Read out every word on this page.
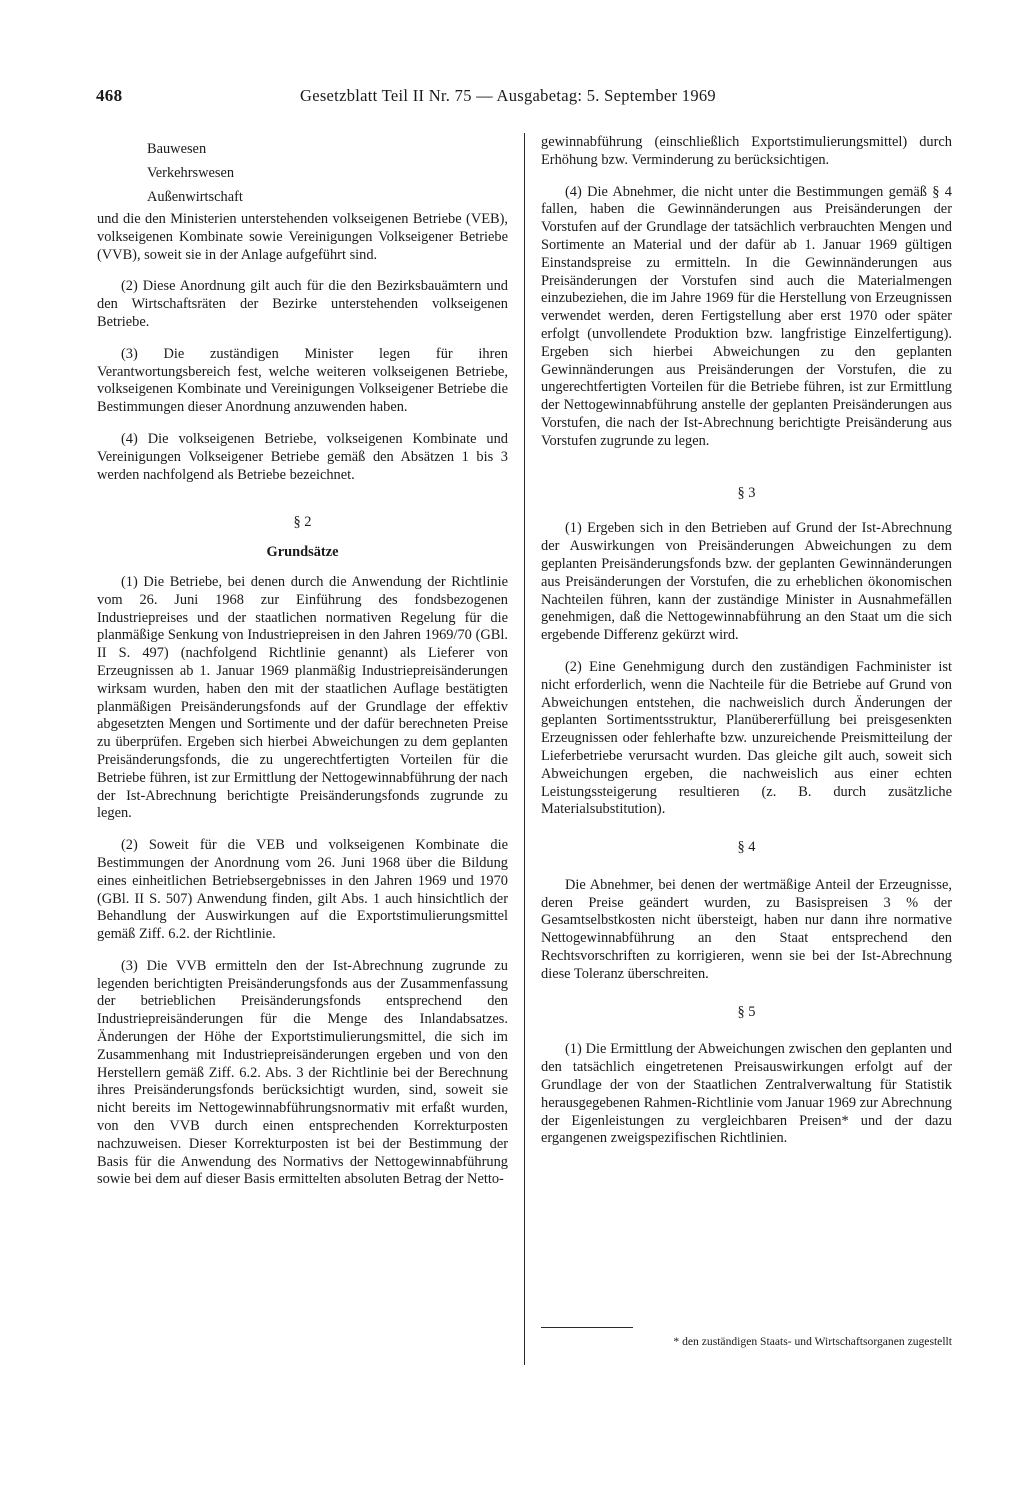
468	Gesetzblatt Teil II Nr. 75 — Ausgabetag: 5. September 1969
Bauwesen
Verkehrswesen
Außenwirtschaft

und die den Ministerien unterstehenden volkseigenen Betriebe (VEB), volkseigenen Kombinate sowie Vereinigungen Volkseigener Betriebe (VVB), soweit sie in der Anlage aufgeführt sind.

(2) Diese Anordnung gilt auch für die den Bezirksbauämtern und den Wirtschaftsräten der Bezirke unterstehenden volkseigenen Betriebe.

(3) Die zuständigen Minister legen für ihren Verantwortungsbereich fest, welche weiteren volkseigenen Betriebe, volkseigenen Kombinate und Vereinigungen Volkseigener Betriebe die Bestimmungen dieser Anordnung anzuwenden haben.

(4) Die volkseigenen Betriebe, volkseigenen Kombinate und Vereinigungen Volkseigener Betriebe gemäß den Absätzen 1 bis 3 werden nachfolgend als Betriebe bezeichnet.

§ 2
Grundsätze

(1) Die Betriebe, bei denen durch die Anwendung der Richtlinie vom 26. Juni 1968 zur Einführung des fondsbezogenen Industriepreises und der staatlichen normativen Regelung für die planmäßige Senkung von Industriepreisen in den Jahren 1969/70 (GBl. II S. 497) (nachfolgend Richtlinie genannt) als Lieferer von Erzeugnissen ab 1. Januar 1969 planmäßig Industriepreisänderungen wirksam wurden, haben den mit der staatlichen Auflage bestätigten planmäßigen Preisänderungsfonds auf der Grundlage der effektiv abgesetzten Mengen und Sortimente und der dafür berechneten Preise zu überprüfen. Ergeben sich hierbei Abweichungen zu dem geplanten Preisänderungsfonds, die zu ungerechtfertigten Vorteilen für die Betriebe führen, ist zur Ermittlung der Nettogewinnabführung der nach der Ist-Abrechnung berichtigte Preisänderungsfonds zugrunde zu legen.

(2) Soweit für die VEB und volkseigenen Kombinate die Bestimmungen der Anordnung vom 26. Juni 1968 über die Bildung eines einheitlichen Betriebsergebnisses in den Jahren 1969 und 1970 (GBl. II S. 507) Anwendung finden, gilt Abs. 1 auch hinsichtlich der Behandlung der Auswirkungen auf die Exportstimulierungsmittel gemäß Ziff. 6.2. der Richtlinie.

(3) Die VVB ermitteln den der Ist-Abrechnung zugrunde zu legenden berichtigten Preisänderungsfonds aus der Zusammenfassung der betrieblichen Preisänderungsfonds entsprechend den Industriepreisänderungen für die Menge des Inlandabsatzes. Änderungen der Höhe der Exportstimulierungsmittel, die sich im Zusammenhang mit Industriepreisänderungen ergeben und von den Herstellern gemäß Ziff. 6.2. Abs. 3 der Richtlinie bei der Berechnung ihres Preisänderungsfonds berücksichtigt wurden, sind, soweit sie nicht bereits im Nettogewinnabführungsnormativ mit erfaßt wurden, von den VVB durch einen entsprechenden Korrekturposten nachzuweisen. Dieser Korrekturposten ist bei der Bestimmung der Basis für die Anwendung des Normativs der Nettogewinnabführung sowie bei dem auf dieser Basis ermittelten absoluten Betrag der Netto-

gewinnabführung (einschließlich Exportstimulierungsmittel) durch Erhöhung bzw. Verminderung zu berücksichtigen.

(4) Die Abnehmer, die nicht unter die Bestimmungen gemäß § 4 fallen, haben die Gewinnänderungen aus Preisänderungen der Vorstufen auf der Grundlage der tatsächlich verbrauchten Mengen und Sortimente an Material und der dafür ab 1. Januar 1969 gültigen Einstandspreise zu ermitteln. In die Gewinnänderungen aus Preisänderungen der Vorstufen sind auch die Materialmengen einzubeziehen, die im Jahre 1969 für die Herstellung von Erzeugnissen verwendet werden, deren Fertigstellung aber erst 1970 oder später erfolgt (unvollendete Produktion bzw. langfristige Einzelfertigung). Ergeben sich hierbei Abweichungen zu den geplanten Gewinnänderungen aus Preisänderungen der Vorstufen, die zu ungerechtfertigten Vorteilen für die Betriebe führen, ist zur Ermittlung der Nettogewinnabführung anstelle der geplanten Preisänderungen aus Vorstufen, die nach der Ist-Abrechnung berichtigte Preisänderung aus Vorstufen zugrunde zu legen.

§ 3

(1) Ergeben sich in den Betrieben auf Grund der Ist-Abrechnung der Auswirkungen von Preisänderungen Abweichungen zu dem geplanten Preisänderungsfonds bzw. der geplanten Gewinnänderungen aus Preisänderungen der Vorstufen, die zu erheblichen ökonomischen Nachteilen führen, kann der zuständige Minister in Ausnahmefällen genehmigen, daß die Nettogewinnabführung an den Staat um die sich ergebende Differenz gekürzt wird.

(2) Eine Genehmigung durch den zuständigen Fachminister ist nicht erforderlich, wenn die Nachteile für die Betriebe auf Grund von Abweichungen entstehen, die nachweislich durch Änderungen der geplanten Sortimentsstruktur, Planübererfüllung bei preisgesenkten Erzeugnissen oder fehlerhafte bzw. unzureichende Preismitteilung der Lieferbetriebe verursacht wurden. Das gleiche gilt auch, soweit sich Abweichungen ergeben, die nachweislich aus einer echten Leistungssteigerung resultieren (z. B. durch zusätzliche Materialsubstitution).

§ 4

Die Abnehmer, bei denen der wertmäßige Anteil der Erzeugnisse, deren Preise geändert wurden, zu Basispreisen 3 % der Gesamtselbstkosten nicht übersteigt, haben nur dann ihre normative Nettogewinnabführung an den Staat entsprechend den Rechtsvorschriften zu korrigieren, wenn sie bei der Ist-Abrechnung diese Toleranz überschreiten.

§ 5

(1) Die Ermittlung der Abweichungen zwischen den geplanten und den tatsächlich eingetretenen Preisauswirkungen erfolgt auf der Grundlage der von der Staatlichen Zentralverwaltung für Statistik herausgegebenen Rahmen-Richtlinie vom Januar 1969 zur Abrechnung der Eigenleistungen zu vergleichbaren Preisen* und der dazu ergangenen zweigspezifischen Richtlinien.

* den zuständigen Staats- und Wirtschaftsorganen zugestellt
